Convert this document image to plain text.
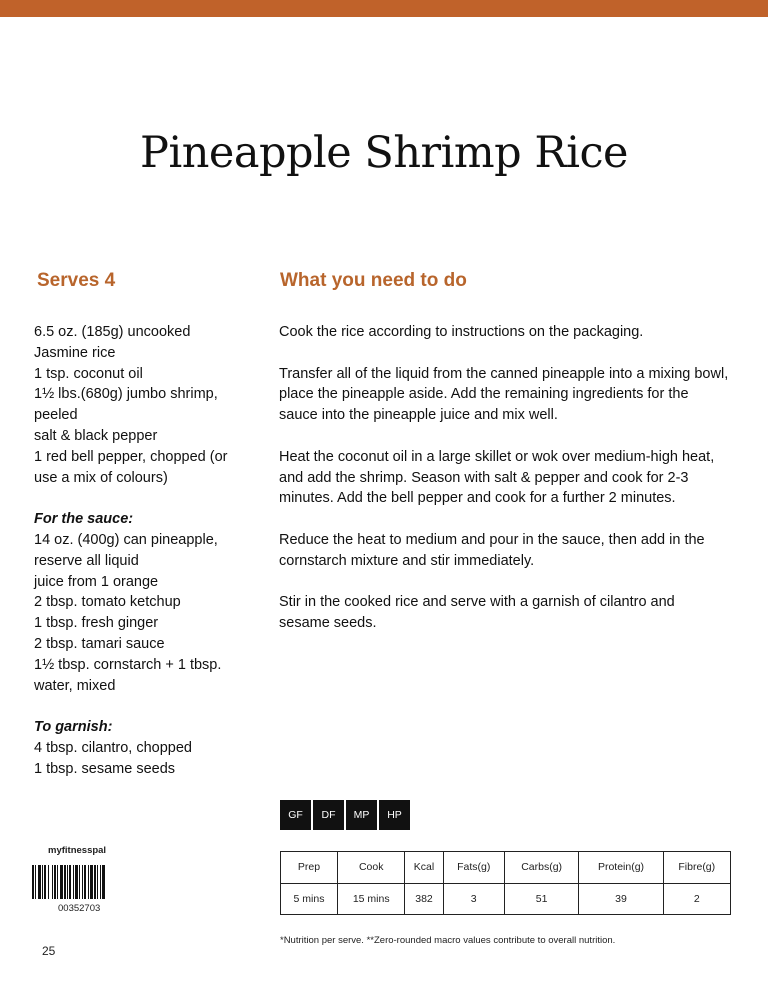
Pineapple Shrimp Rice
Serves 4	What you need to do
6.5 oz. (185g) uncooked
Jasmine rice
1 tsp. coconut oil
1½ lbs.(680g) jumbo shrimp,
peeled
salt & black pepper
1 red bell pepper, chopped (or
use a mix of colours)
For the sauce:
14 oz. (400g) can pineapple,
reserve all liquid
juice from 1 orange
2 tbsp. tomato ketchup
1 tbsp. fresh ginger
2 tbsp. tamari sauce
1½ tbsp. cornstarch + 1 tbsp.
water, mixed
To garnish:
4 tbsp. cilantro, chopped
1 tbsp. sesame seeds

Cook the rice according to instructions on the packaging.

Transfer all of the liquid from the canned pineapple into a mixing bowl, place the pineapple aside. Add the remaining ingredients for the sauce into the pineapple juice and mix well.

Heat the coconut oil in a large skillet or wok over medium-high heat, and add the shrimp. Season with salt & pepper and cook for 2-3 minutes. Add the bell pepper and cook for a further 2 minutes.

Reduce the heat to medium and pour in the sauce, then add in the cornstarch mixture and stir immediately.

Stir in the cooked rice and serve with a garnish of cilantro and sesame seeds.

GF	DF	MP	HP
myfitnesspal
00352703
Prep	Cook	Kcal	Fats(g)	Carbs(g)	Protein(g)	Fibre(g)
5 mins	15 mins	382	3	51	39	2
*Nutrition per serve. **Zero-rounded macro values contribute to overall nutrition.
25
